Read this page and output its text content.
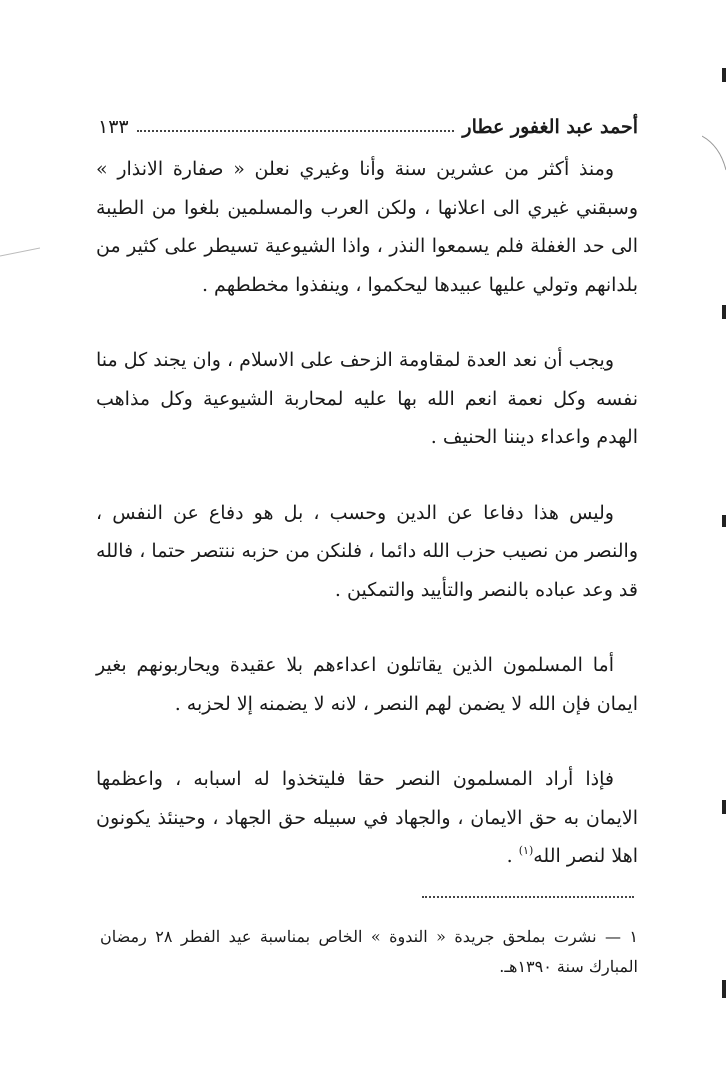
أحمد عبد الغفور عطار
١٣٣

ومنذ أكثر من عشرين سنة وأنا وغيري نعلن « صفارة الانذار » وسبقني غيري الى اعلانها ، ولكن العرب والمسلمين بلغوا من الطيبة الى حد الغفلة فلم يسمعوا النذر ، واذا الشيوعية تسيطر على كثير من بلدانهم وتولي عليها عبيدها ليحكموا ، وينفذوا مخططهم .

ويجب أن نعد العدة لمقاومة الزحف على الاسلام ، وان يجند كل منا نفسه وكل نعمة انعم الله بها عليه لمحاربة الشيوعية وكل مذاهب الهدم واعداء ديننا الحنيف .

وليس هذا دفاعا عن الدين وحسب ، بل هو دفاع عن النفس ، والنصر من نصيب حزب الله دائما ، فلنكن من حزبه ننتصر حتما ، فالله قد وعد عباده بالنصر والتأييد والتمكين .

أما المسلمون الذين يقاتلون اعداءهم بلا عقيدة ويحاربونهم بغير ايمان فإن الله لا يضمن لهم النصر ، لانه لا يضمنه إلا لحزبه .

فإذا أراد المسلمون النصر حقا فليتخذوا له اسبابه ، واعظمها الايمان به حق الايمان ، والجهاد في سبيله حق الجهاد ، وحينئذ يكونون اهلا لنصر الله$^{(١)}$ .

١ — نشرت بملحق جريدة « الندوة » الخاص بمناسبة عيد الفطر ٢٨ رمضان المبارك سنة ١٣٩٠هـ.
